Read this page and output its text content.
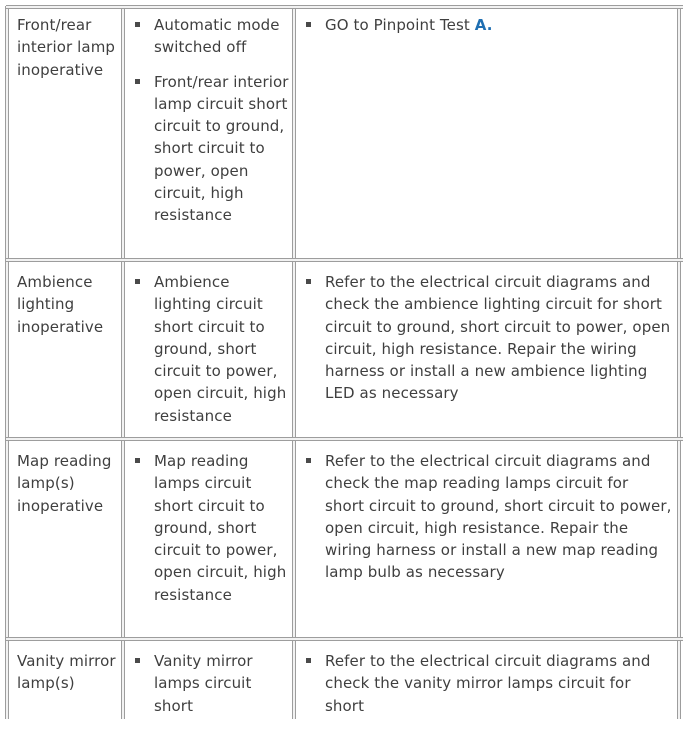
Front/rear interior lamp inoperative
Automatic mode switched off
Front/rear interior lamp circuit short circuit to ground, short circuit to power, open circuit, high resistance
GO to Pinpoint Test A.
Ambience lighting inoperative
Ambience lighting circuit short circuit to ground, short circuit to power, open circuit, high resistance
Refer to the electrical circuit diagrams and check the ambience lighting circuit for short circuit to ground, short circuit to power, open circuit, high resistance. Repair the wiring harness or install a new ambience lighting LED as necessary
Map reading lamp(s) inoperative
Map reading lamps circuit short circuit to ground, short circuit to power, open circuit, high resistance
Refer to the electrical circuit diagrams and check the map reading lamps circuit for short circuit to ground, short circuit to power, open circuit, high resistance. Repair the wiring harness or install a new map reading lamp bulb as necessary
Vanity mirror lamp(s)
Vanity mirror lamps circuit short
Refer to the electrical circuit diagrams and check the vanity mirror lamps circuit for short
